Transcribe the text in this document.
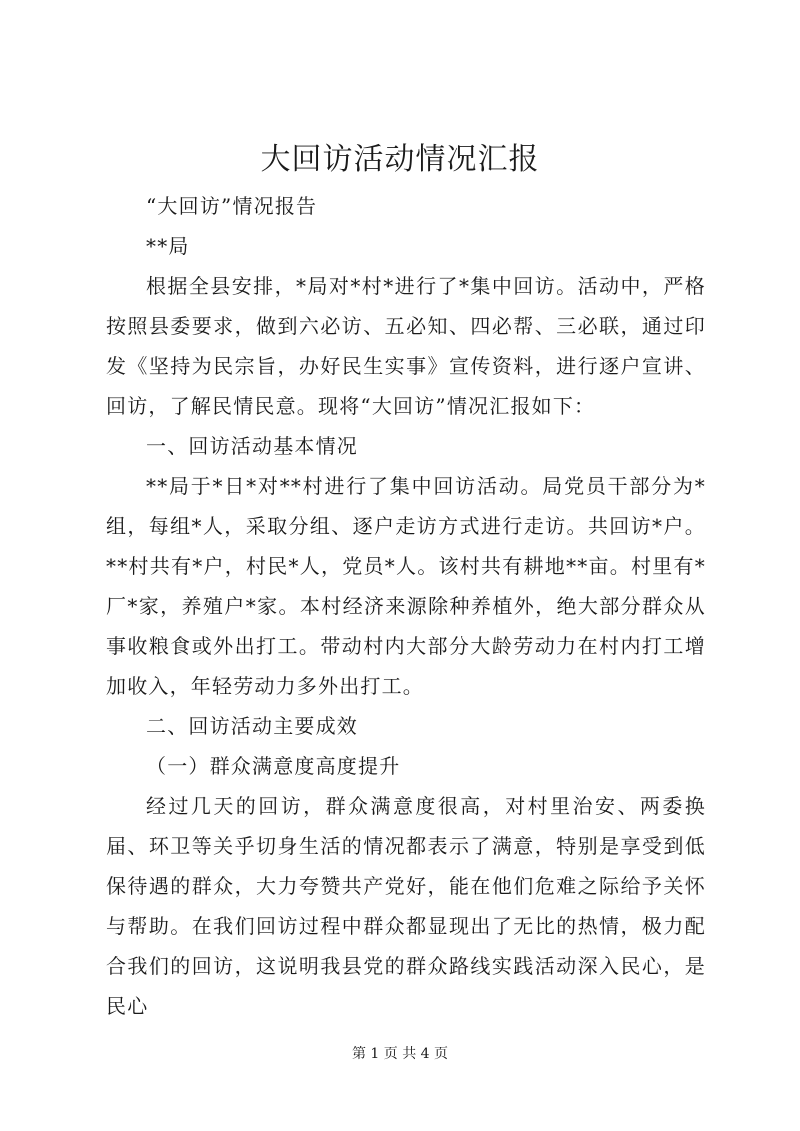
大回访活动情况汇报

“大回访”情况报告

**局

根据全县安排，*局对*村*进行了*集中回访。活动中，严格按照县委要求，做到六必访、五必知、四必帮、三必联，通过印发《坚持为民宗旨，办好民生实事》宣传资料，进行逐户宣讲、回访，了解民情民意。现将“大回访”情况汇报如下：

一、回访活动基本情况

**局于*日*对**村进行了集中回访活动。局党员干部分为*组，每组*人，采取分组、逐户走访方式进行走访。共回访*户。**村共有*户，村民*人，党员*人。该村共有耕地**亩。村里有*厂*家，养殖户*家。本村经济来源除种养植外，绝大部分群众从事收粮食或外出打工。带动村内大部分大龄劳动力在村内打工增加收入，年轻劳动力多外出打工。

二、回访活动主要成效

（一）群众满意度高度提升

经过几天的回访，群众满意度很高，对村里治安、两委换届、环卫等关乎切身生活的情况都表示了满意，特别是享受到低保待遇的群众，大力夸赞共产党好，能在他们危难之际给予关怀与帮助。在我们回访过程中群众都显现出了无比的热情，极力配合我们的回访，这说明我县党的群众路线实践活动深入民心，是民心

第 1 页 共 4 页
